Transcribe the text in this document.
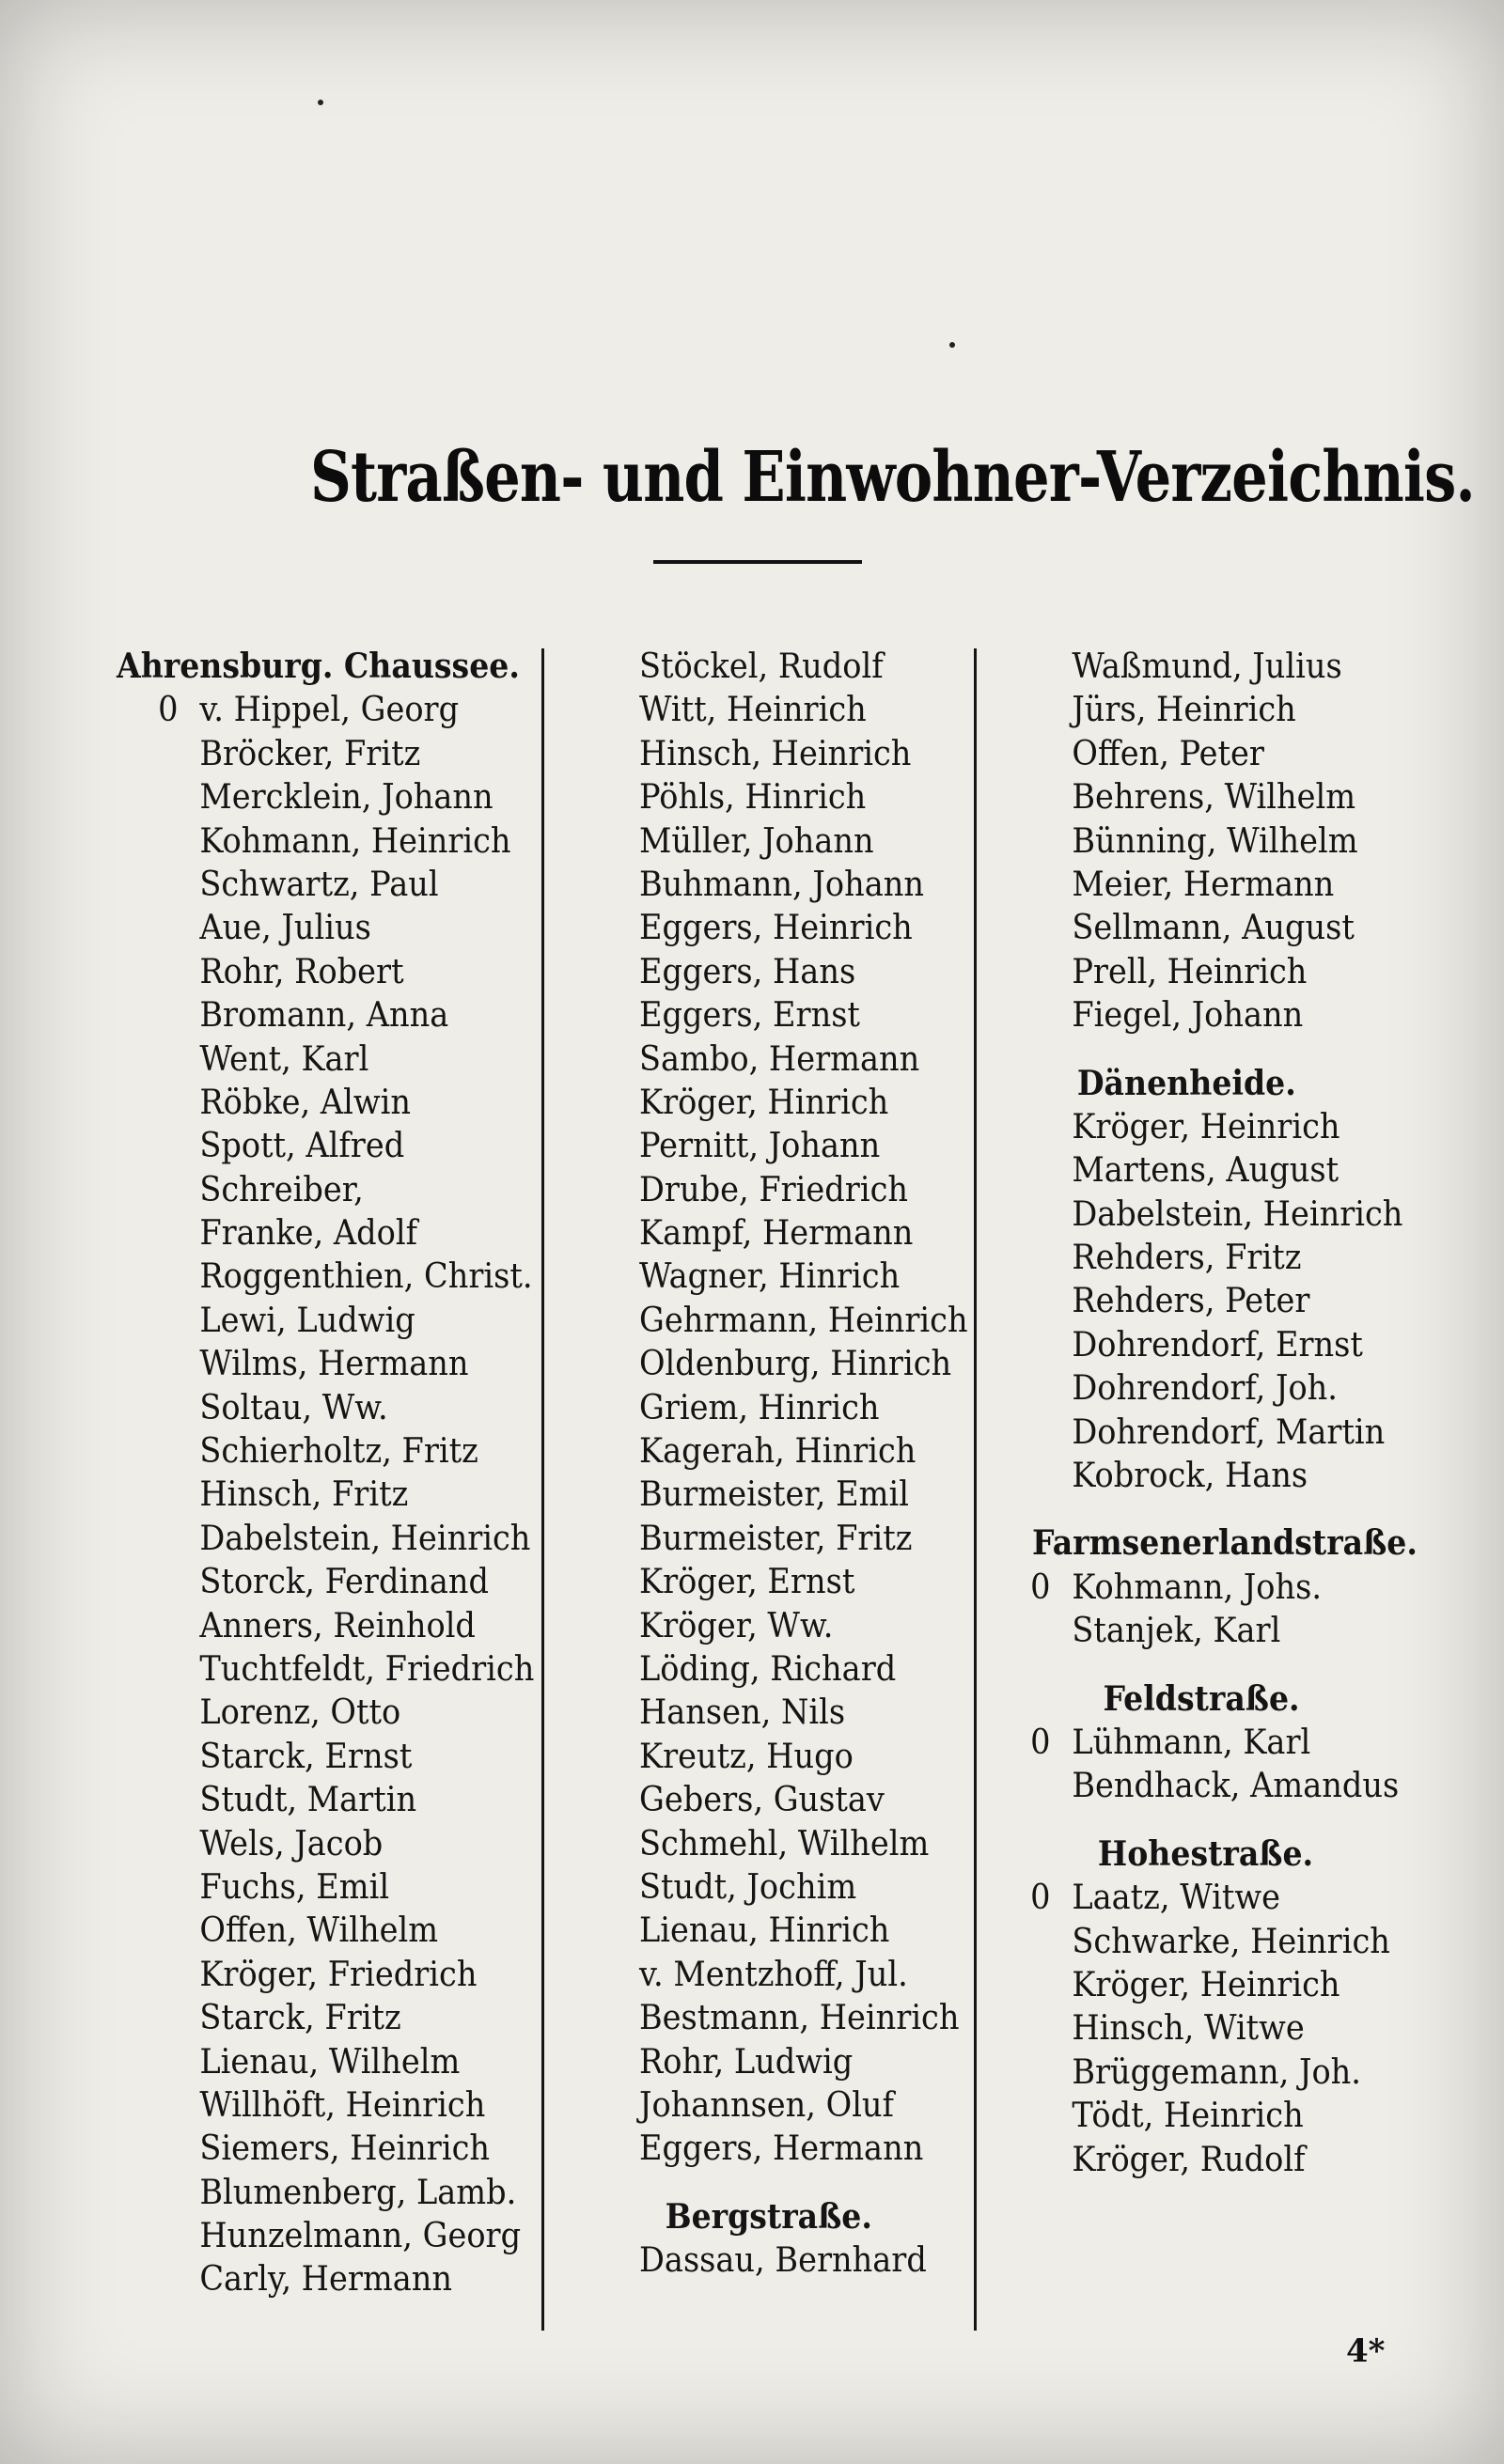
Straßen- und Einwohner-Verzeichnis.
Ahrensburg. Chaussee.
0 v. Hippel, Georg
Bröcker, Fritz
Mercklein, Johann
Kohmann, Heinrich
Schwartz, Paul
Aue, Julius
Rohr, Robert
Bromann, Anna
Went, Karl
Röbke, Alwin
Spott, Alfred
Schreiber,
Franke, Adolf
Roggenthien, Christ.
Lewi, Ludwig
Wilms, Hermann
Soltau, Ww.
Schierholtz, Fritz
Hinsch, Fritz
Dabelstein, Heinrich
Storck, Ferdinand
Anners, Reinhold
Tuchtfeldt, Friedrich
Lorenz, Otto
Starck, Ernst
Studt, Martin
Wels, Jacob
Fuchs, Emil
Offen, Wilhelm
Kröger, Friedrich
Starck, Fritz
Lienau, Wilhelm
Willhöft, Heinrich
Siemers, Heinrich
Blumenberg, Lamb.
Hunzelmann, Georg
Carly, Hermann
Stöckel, Rudolf
Witt, Heinrich
Hinsch, Heinrich
Pöhls, Hinrich
Müller, Johann
Buhmann, Johann
Eggers, Heinrich
Eggers, Hans
Eggers, Ernst
Sambo, Hermann
Kröger, Hinrich
Pernitt, Johann
Drube, Friedrich
Kampf, Hermann
Wagner, Hinrich
Gehrmann, Heinrich
Oldenburg, Hinrich
Griem, Hinrich
Kagerah, Hinrich
Burmeister, Emil
Burmeister, Fritz
Kröger, Ernst
Kröger, Ww.
Löding, Richard
Hansen, Nils
Kreutz, Hugo
Gebers, Gustav
Schmehl, Wilhelm
Studt, Jochim
Lienau, Hinrich
v. Mentzhoff, Jul.
Bestmann, Heinrich
Rohr, Ludwig
Johannsen, Oluf
Eggers, Hermann
Bergstraße.
Dassau, Bernhard
Waßmund, Julius
Jürs, Heinrich
Offen, Peter
Behrens, Wilhelm
Bünning, Wilhelm
Meier, Hermann
Sellmann, August
Prell, Heinrich
Fiegel, Johann
Dänenheide.
Kröger, Heinrich
Martens, August
Dabelstein, Heinrich
Rehders, Fritz
Rehders, Peter
Dohrendorf, Ernst
Dohrendorf, Joh.
Dohrendorf, Martin
Kobrock, Hans
Farmsenerlandstraße.
0 Kohmann, Johs.
Stanjek, Karl
Feldstraße.
0 Lühmann, Karl
Bendhack, Amandus
Hohestraße.
0 Laatz, Witwe
Schwarke, Heinrich
Kröger, Heinrich
Hinsch, Witwe
Brüggemann, Joh.
Tödt, Heinrich
Kröger, Rudolf
4*
